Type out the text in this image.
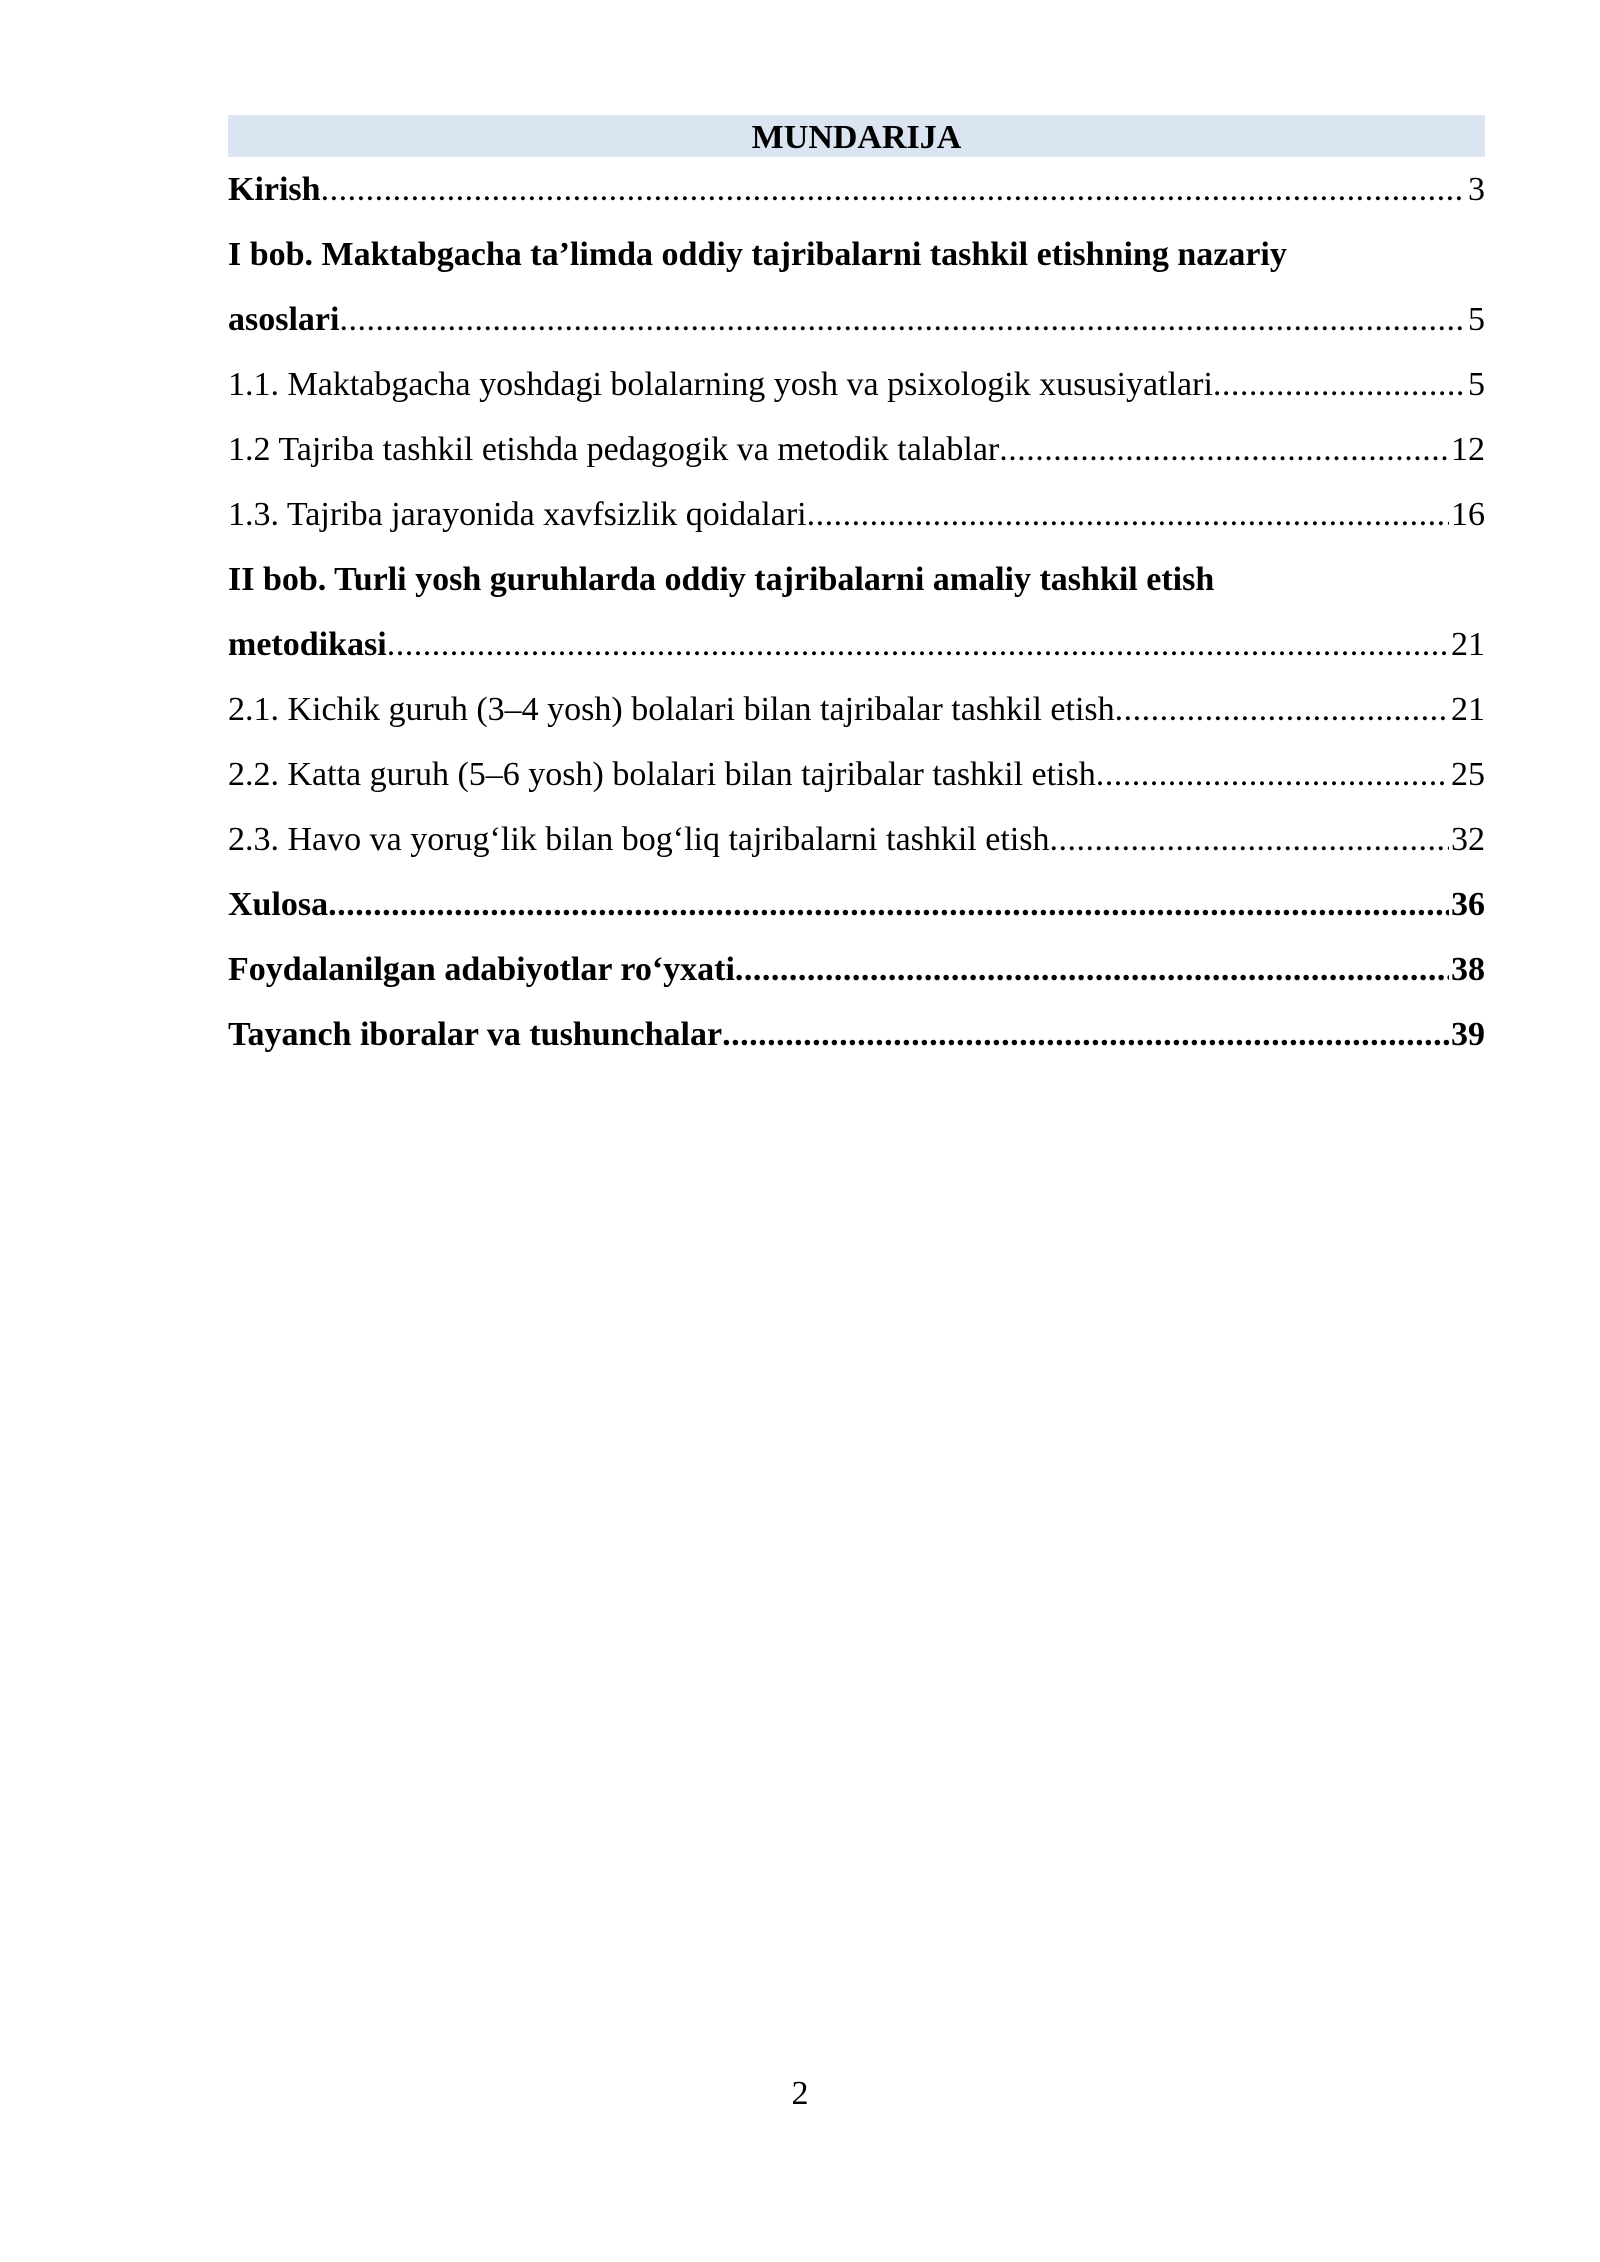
MUNDARIJA
Kirish .....	3
I bob. Maktabgacha ta’limda oddiy tajribalarni tashkil etishning nazariy
asoslari .....	5
1.1. Maktabgacha yoshdagi bolalarning yosh va psixologik xususiyatlari .....	5
1.2 Tajriba tashkil etishda pedagogik va metodik talablar .....	12
1.3. Tajriba jarayonida xavfsizlik qoidalari .....	16
II bob. Turli yosh guruhlarda oddiy tajribalarni amaliy tashkil etish
metodikasi .....	21
2.1. Kichik guruh (3–4 yosh) bolalari bilan tajribalar tashkil etish .....	21
2.2. Katta guruh (5–6 yosh) bolalari bilan tajribalar tashkil etish .....	25
2.3. Havo va yorug‘lik bilan bog‘liq tajribalarni tashkil etish .....	32
Xulosa .....	36
Foydalanilgan adabiyotlar ro‘yxati .....	38
Tayanch iboralar va tushunchalar .....	39
2
